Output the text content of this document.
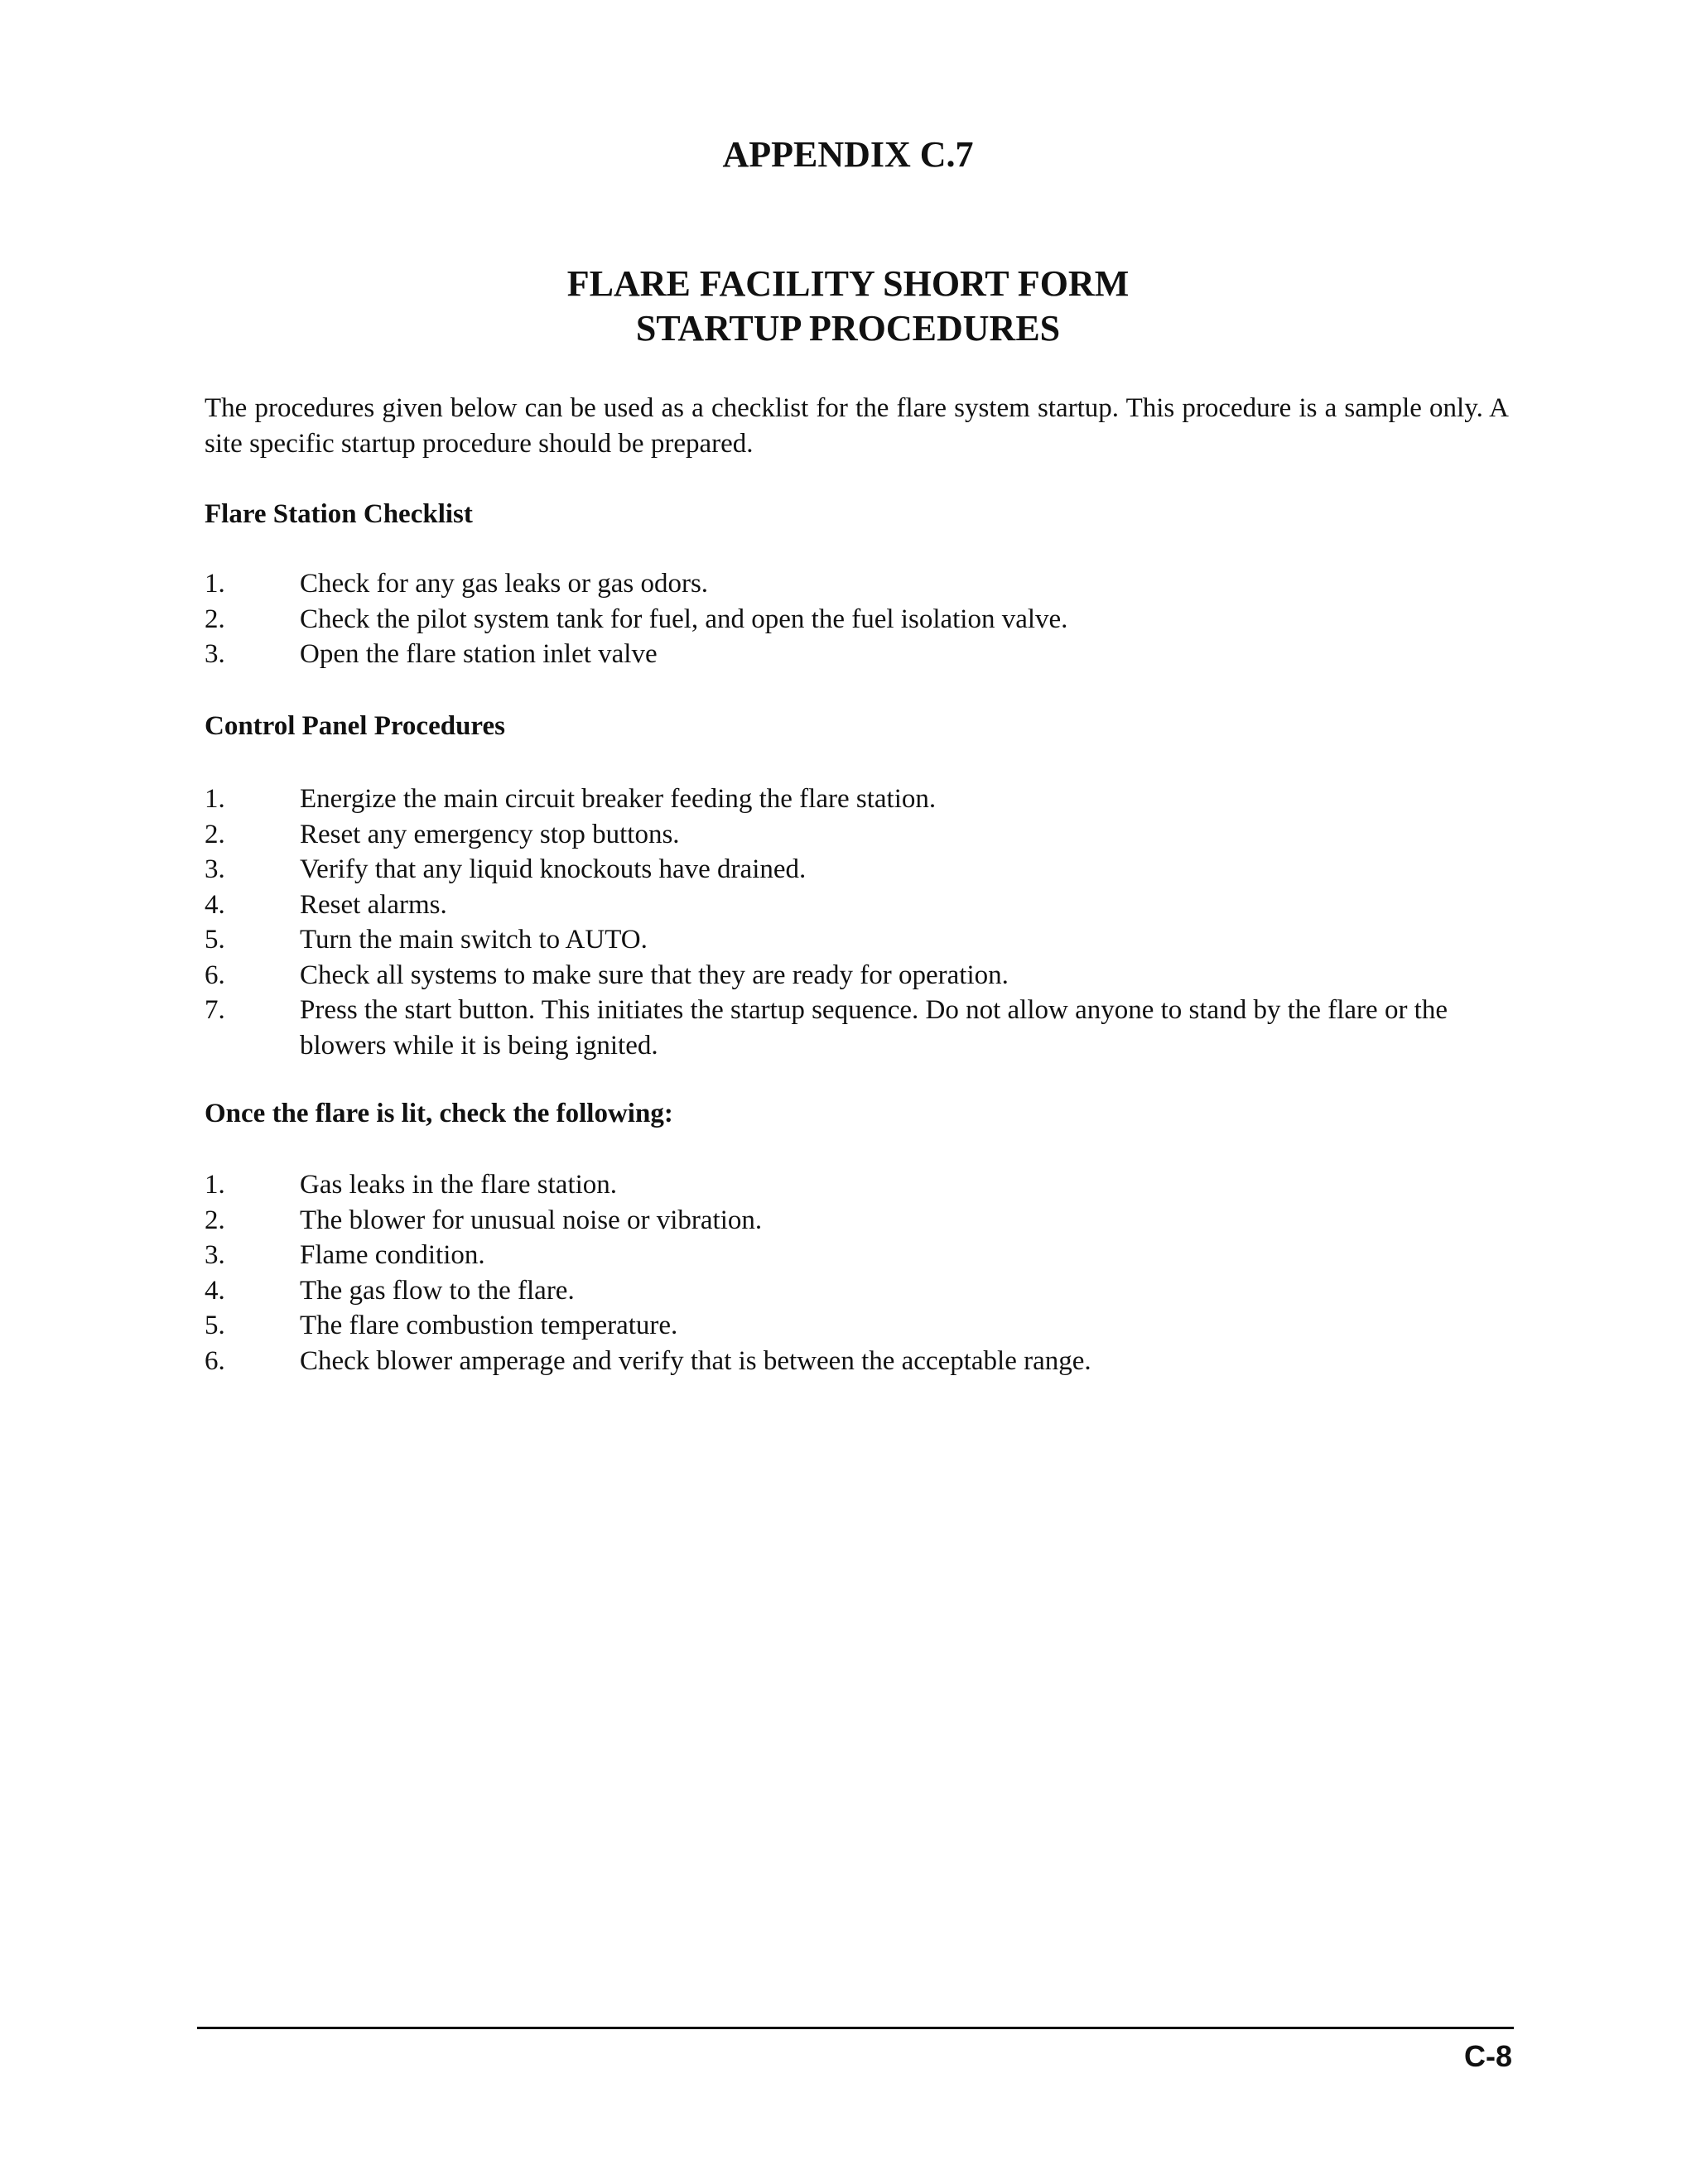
APPENDIX C.7
FLARE FACILITY SHORT FORM
STARTUP PROCEDURES
The procedures given below can be used as a checklist for the flare system startup. This procedure is a sample only. A site specific startup procedure should be prepared.
Flare Station Checklist
1.	Check for any gas leaks or gas odors.
2.	Check the pilot system tank for fuel, and open the fuel isolation valve.
3.	Open the flare station inlet valve
Control Panel Procedures
1.	Energize the main circuit breaker feeding the flare station.
2.	Reset any emergency stop buttons.
3.	Verify that any liquid knockouts have drained.
4.	Reset alarms.
5.	Turn the main switch to AUTO.
6.	Check all systems to make sure that they are ready for operation.
7.	Press the start button. This initiates the startup sequence. Do not allow anyone to stand by the flare or the blowers while it is being ignited.
Once the flare is lit, check the following:
1.	Gas leaks in the flare station.
2.	The blower for unusual noise or vibration.
3.	Flame condition.
4.	The gas flow to the flare.
5.	The flare combustion temperature.
6.	Check blower amperage and verify that is between the acceptable range.
C-8
